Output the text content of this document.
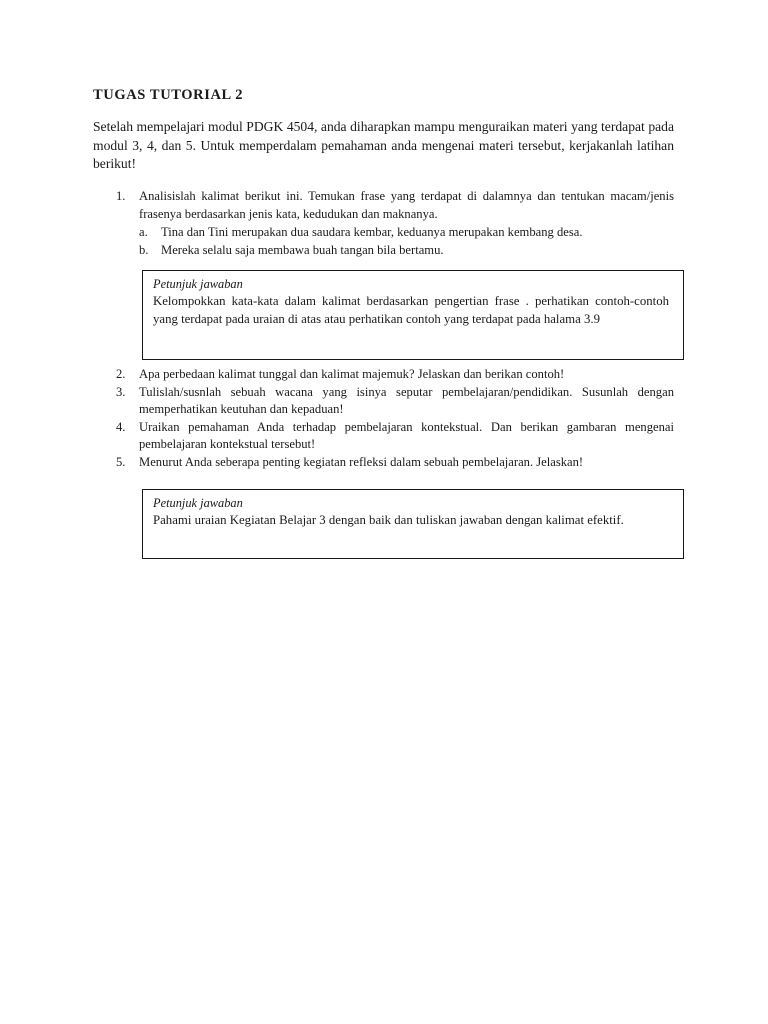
TUGAS TUTORIAL 2

Setelah mempelajari modul PDGK 4504, anda diharapkan mampu menguraikan materi yang terdapat pada modul 3, 4, dan 5. Untuk memperdalam pemahaman anda mengenai materi tersebut, kerjakanlah latihan berikut!

1. Analisislah kalimat berikut ini. Temukan frase yang terdapat di dalamnya dan tentukan macam/jenis frasenya berdasarkan jenis kata, kedudukan dan maknanya.
a. Tina dan Tini merupakan dua saudara kembar, keduanya merupakan kembang desa.
b. Mereka selalu saja membawa buah tangan bila bertamu.
Petunjuk jawaban
Kelompokkan kata-kata dalam kalimat berdasarkan pengertian frase . perhatikan contoh-contoh yang terdapat pada uraian di atas atau perhatikan contoh yang terdapat pada halama 3.9
2. Apa perbedaan kalimat tunggal dan kalimat majemuk? Jelaskan dan berikan contoh!
3. Tulislah/susnlah sebuah wacana yang isinya seputar pembelajaran/pendidikan. Susunlah dengan memperhatikan keutuhan dan kepaduan!
4. Uraikan pemahaman Anda terhadap pembelajaran kontekstual. Dan berikan gambaran mengenai pembelajaran kontekstual tersebut!
5. Menurut Anda seberapa penting kegiatan refleksi dalam sebuah pembelajaran. Jelaskan!
Petunjuk jawaban
Pahami uraian Kegiatan Belajar 3 dengan baik dan tuliskan jawaban dengan kalimat efektif.
